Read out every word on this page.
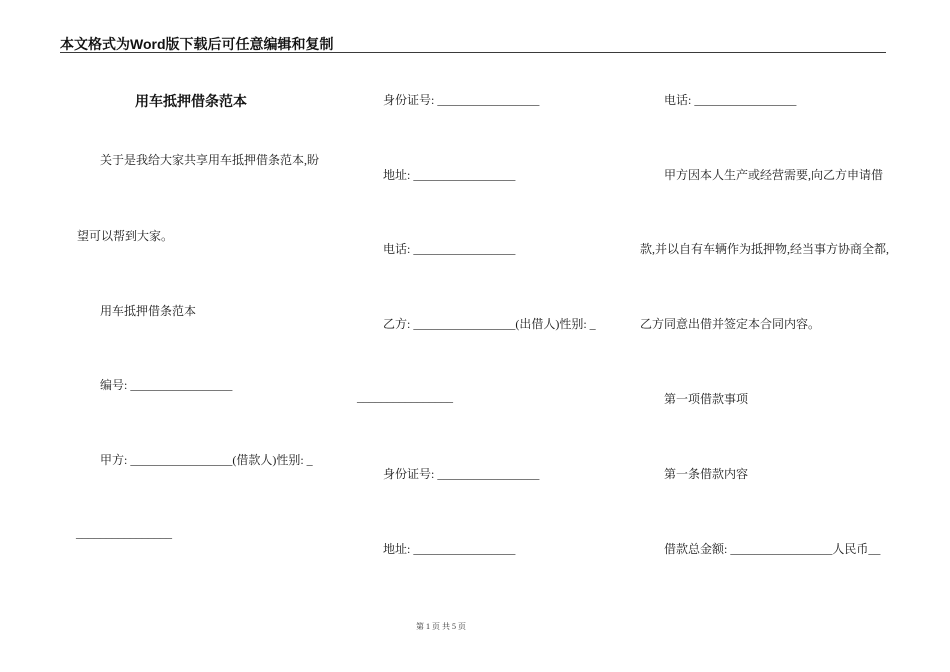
本文格式为Word版下载后可任意编辑和复制
用车抵押借条范本
关于是我给大家共享用车抵押借条范本,盼
望可以帮到大家。
用车抵押借条范本
编号: _________________
甲方: _________________(借款人)性别: _
________________
身份证号: _________________
地址: _________________
电话: _________________
乙方: _________________(出借人)性别: _
________________
身份证号: _________________
地址: _________________
电话: _________________
甲方因本人生产或经营需要,向乙方申请借
款,并以自有车辆作为抵押物,经当事方协商全都,
乙方同意出借并签定本合同内容。
第一项借款事项
第一条借款内容
借款总金额: _________________人民币__
第 1 页 共 5 页
